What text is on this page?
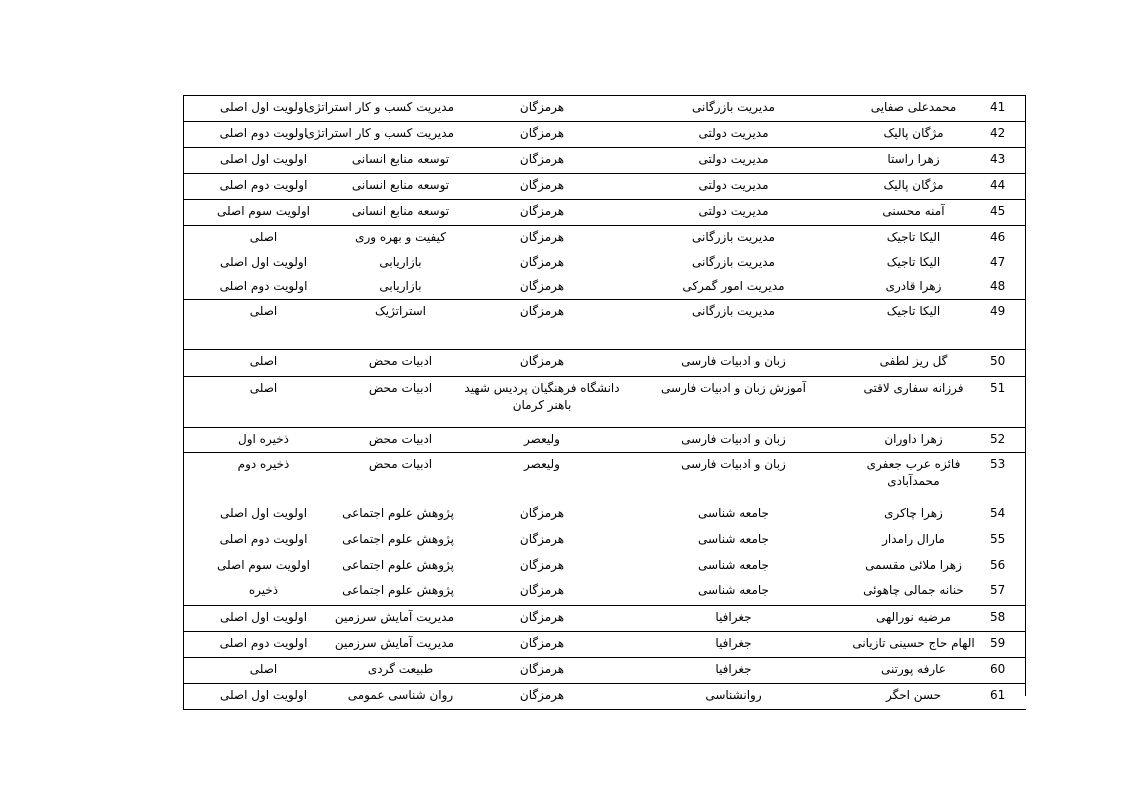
41
محمدعلی صفایی
مدیریت بازرگانی
هرمزگان
مدیریت کسب و کار استراتژی
اولویت اول اصلی
42
مژگان پالیک
مدیریت دولتی
هرمزگان
مدیریت کسب و کار استراتژی
اولویت دوم اصلی
43
زهرا راستا
مدیریت دولتی
هرمزگان
توسعه منابع انسانی
اولویت اول اصلی
44
مژگان پالیک
مدیریت دولتی
هرمزگان
توسعه منابع انسانی
اولویت دوم اصلی
45
آمنه محسنی
مدیریت دولتی
هرمزگان
توسعه منابع انسانی
اولویت سوم اصلی
46
الیکا تاجیک
مدیریت بازرگانی
هرمزگان
کیفیت و بهره وری
اصلی
47
الیکا تاجیک
مدیریت بازرگانی
هرمزگان
بازاریابی
اولویت اول اصلی
48
زهرا قادری
مدیریت امور گمرکی
هرمزگان
بازاریابی
اولویت دوم اصلی
49
الیکا تاجیک
مدیریت بازرگانی
هرمزگان
استراتژیک
اصلی
50
گل ریز لطفی
زبان و ادبیات فارسی
هرمزگان
ادبیات محض
اصلی
51
فرزانه سفاری لاقتی
آموزش زبان و ادبیات فارسی
دانشگاه فرهنگیان پردیس شهید باهنر کرمان
ادبیات محض
اصلی
52
زهرا داوران
زبان و ادبیات فارسی
ولیعصر
ادبیات محض
ذخیره اول
53
فائزه عرب جعفری محمدآبادی
زبان و ادبیات فارسی
ولیعصر
ادبیات محض
ذخیره دوم
54
زهرا چاکری
جامعه شناسی
هرمزگان
پژوهش علوم اجتماعی
اولویت اول اصلی
55
مارال رامدار
جامعه شناسی
هرمزگان
پژوهش علوم اجتماعی
اولویت دوم اصلی
56
زهرا ملائی مقسمی
جامعه شناسی
هرمزگان
پژوهش علوم اجتماعی
اولویت سوم اصلی
57
حنانه جمالی چاهوئی
جامعه شناسی
هرمزگان
پژوهش علوم اجتماعی
ذخیره
58
مرضیه نورالهی
جغرافیا
هرمزگان
مدیریت آمایش سرزمین
اولویت اول اصلی
59
الهام حاج حسینی تازیانی
جغرافیا
هرمزگان
مدیریت آمایش سرزمین
اولویت دوم اصلی
60
عارفه پورتنی
جغرافیا
هرمزگان
طبیعت گردی
اصلی
61
حسن احگر
روانشناسی
هرمزگان
روان شناسی عمومی
اولویت اول اصلی
